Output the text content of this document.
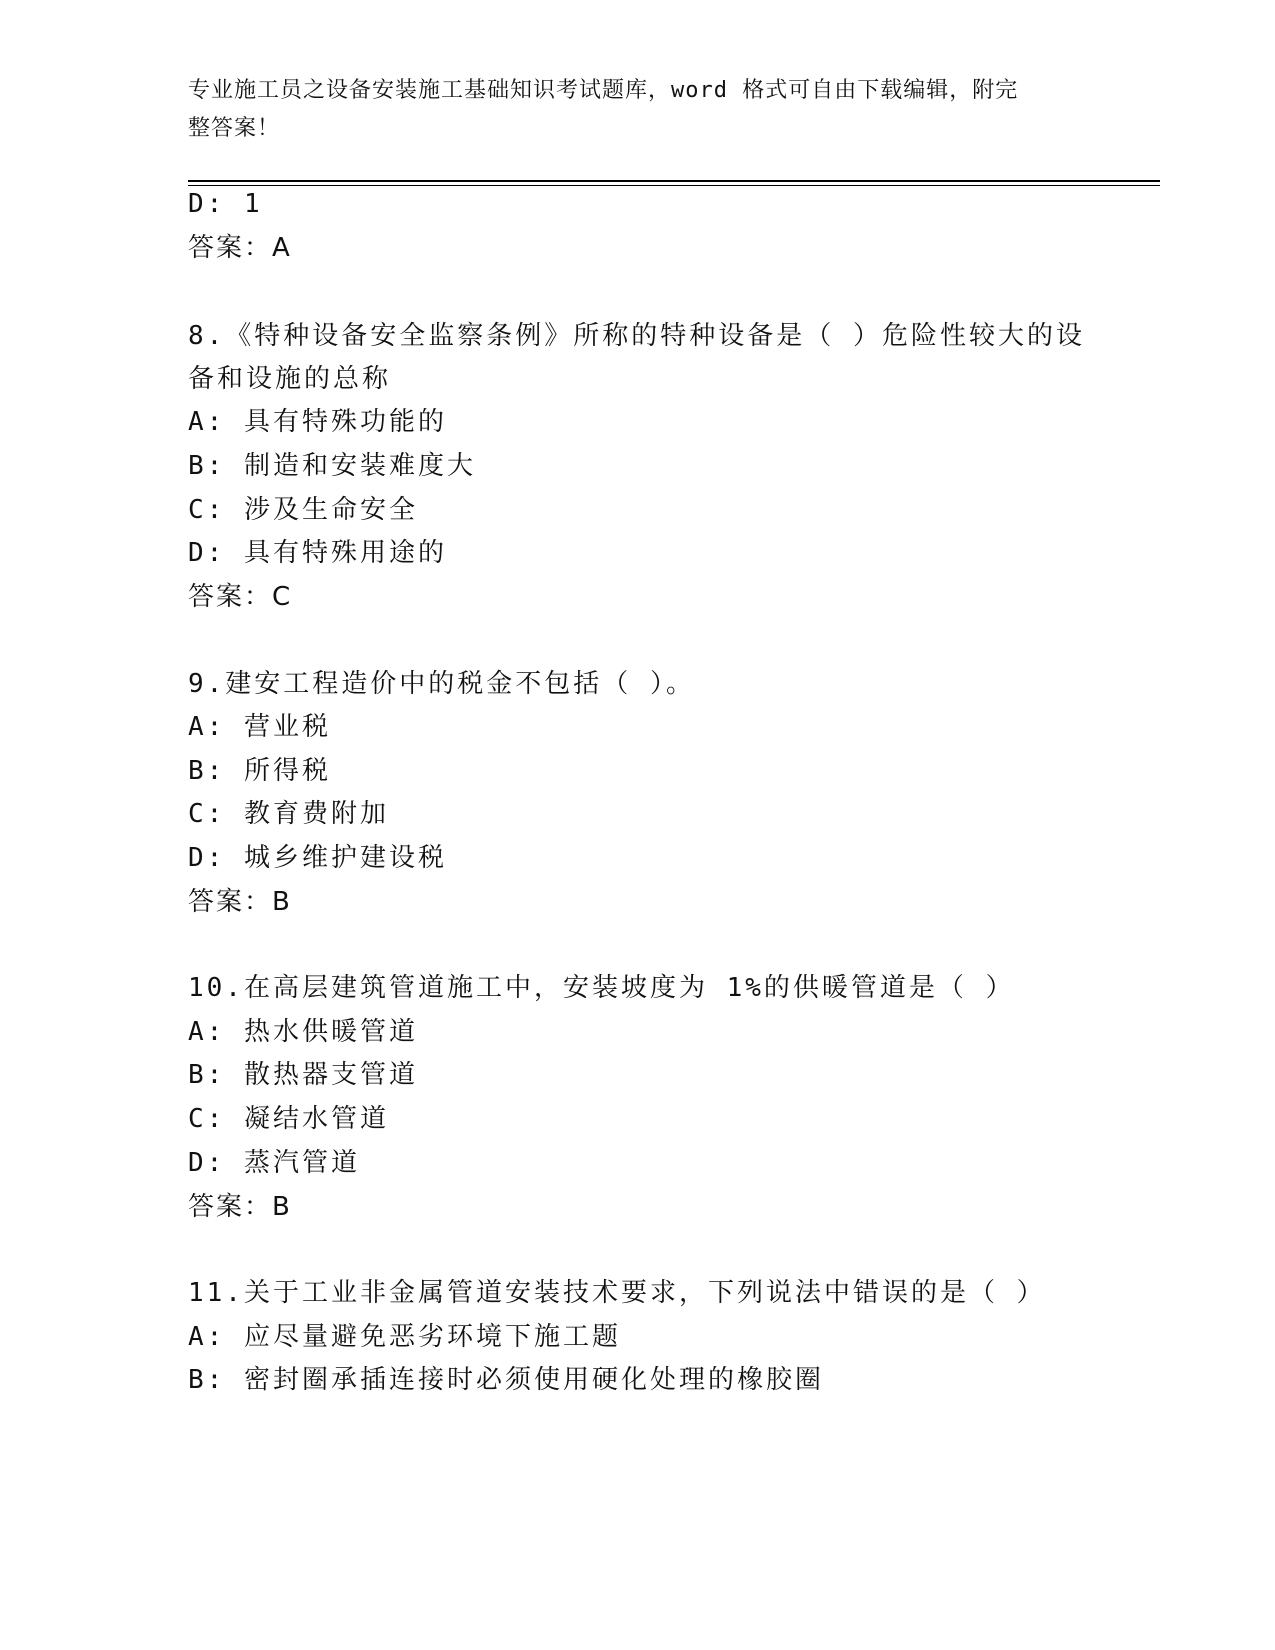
专业施工员之设备安装施工基础知识考试题库，word 格式可自由下载编辑，附完
整答案！
D: 1
答案：A
8.《特种设备安全监察条例》所称的特种设备是（ ）危险性较大的设
备和设施的总称
A: 具有特殊功能的
B: 制造和安装难度大
C: 涉及生命安全
D: 具有特殊用途的
答案：C
9.建安工程造价中的税金不包括（ ）。
A: 营业税
B: 所得税
C: 教育费附加
D: 城乡维护建设税
答案：B
10.在高层建筑管道施工中，安装坡度为 1%的供暖管道是（ ）
A: 热水供暖管道
B: 散热器支管道
C: 凝结水管道
D: 蒸汽管道
答案：B
11.关于工业非金属管道安装技术要求，下列说法中错误的是（ ）
A: 应尽量避免恶劣环境下施工题
B: 密封圈承插连接时必须使用硬化处理的橡胶圈
